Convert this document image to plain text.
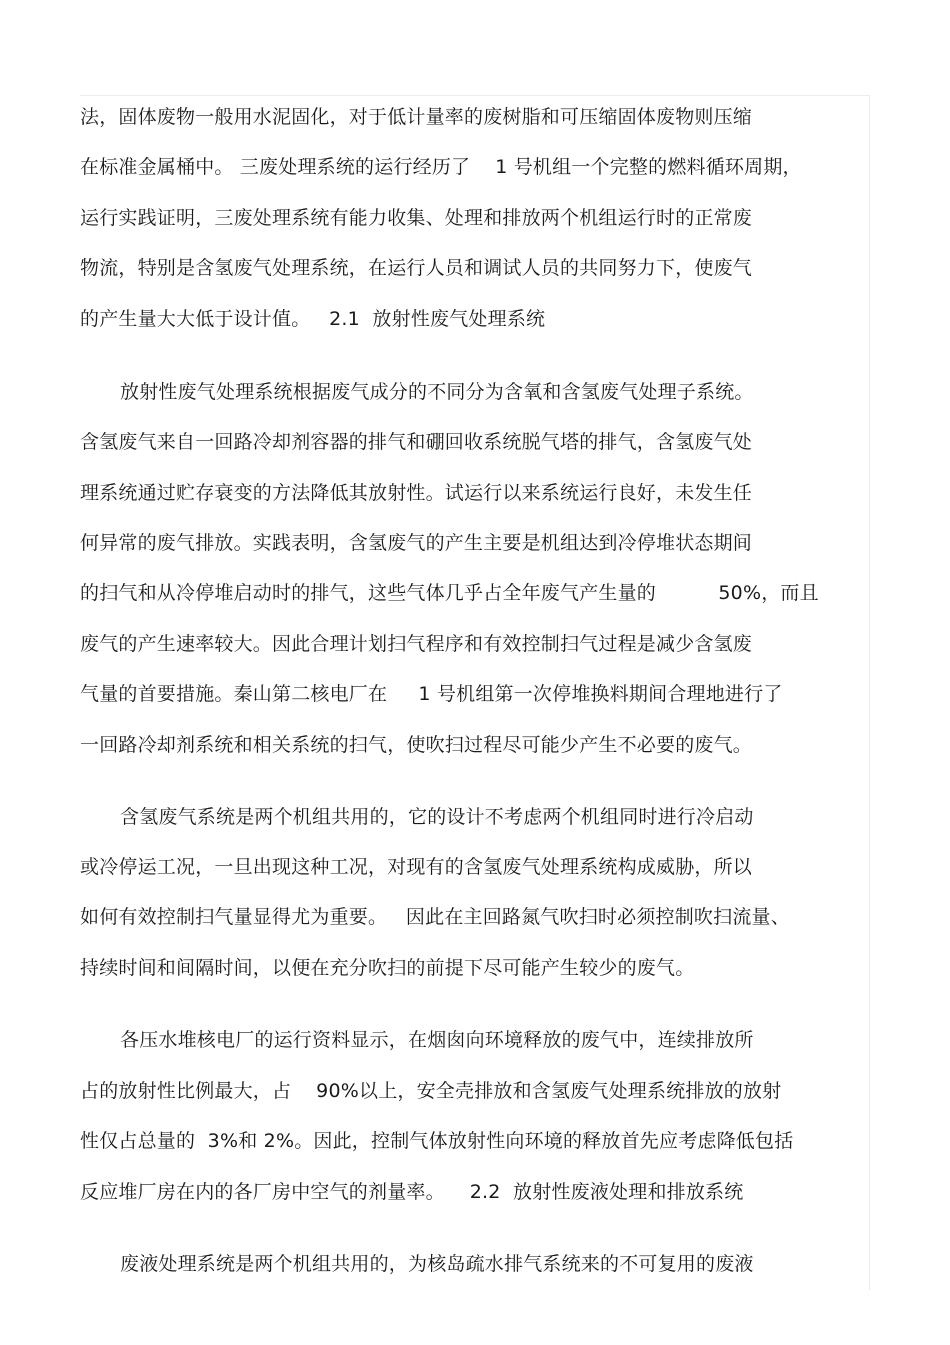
法，固体废物一般用水泥固化，对于低计量率的废树脂和可压缩固体废物则压缩
在标准金属桶中。 三废处理系统的运行经历了    1 号机组一个完整的燃料循环周期，
运行实践证明，三废处理系统有能力收集、处理和排放两个机组运行时的正常废
物流，特别是含氢废气处理系统，在运行人员和调试人员的共同努力下，使废气
的产生量大大低于设计值。   2.1  放射性废气处理系统
放射性废气处理系统根据废气成分的不同分为含氧和含氢废气处理子系统。
含氢废气来自一回路冷却剂容器的排气和硼回收系统脱气塔的排气，含氢废气处
理系统通过贮存衰变的方法降低其放射性。试运行以来系统运行良好，未发生任
何异常的废气排放。实践表明，含氢废气的产生主要是机组达到冷停堆状态期间
的扫气和从冷停堆启动时的排气，这些气体几乎占全年废气产生量的          50%，而且
废气的产生速率较大。因此合理计划扫气程序和有效控制扫气过程是减少含氢废
气量的首要措施。秦山第二核电厂在     1 号机组第一次停堆换料期间合理地进行了
一回路冷却剂系统和相关系统的扫气，使吹扫过程尽可能少产生不必要的废气。
含氢废气系统是两个机组共用的，它的设计不考虑两个机组同时进行冷启动
或冷停运工况，一旦出现这种工况，对现有的含氢废气处理系统构成威胁，所以
如何有效控制扫气量显得尤为重要。   因此在主回路氮气吹扫时必须控制吹扫流量、
持续时间和间隔时间，以便在充分吹扫的前提下尽可能产生较少的废气。
各压水堆核电厂的运行资料显示，在烟囱向环境释放的废气中，连续排放所
占的放射性比例最大，占    90%以上，安全壳排放和含氢废气处理系统排放的放射
性仅占总量的  3%和 2%。因此，控制气体放射性向环境的释放首先应考虑降低包括
反应堆厂房在内的各厂房中空气的剂量率。    2.2  放射性废液处理和排放系统
废液处理系统是两个机组共用的，为核岛疏水排气系统来的不可复用的废液
